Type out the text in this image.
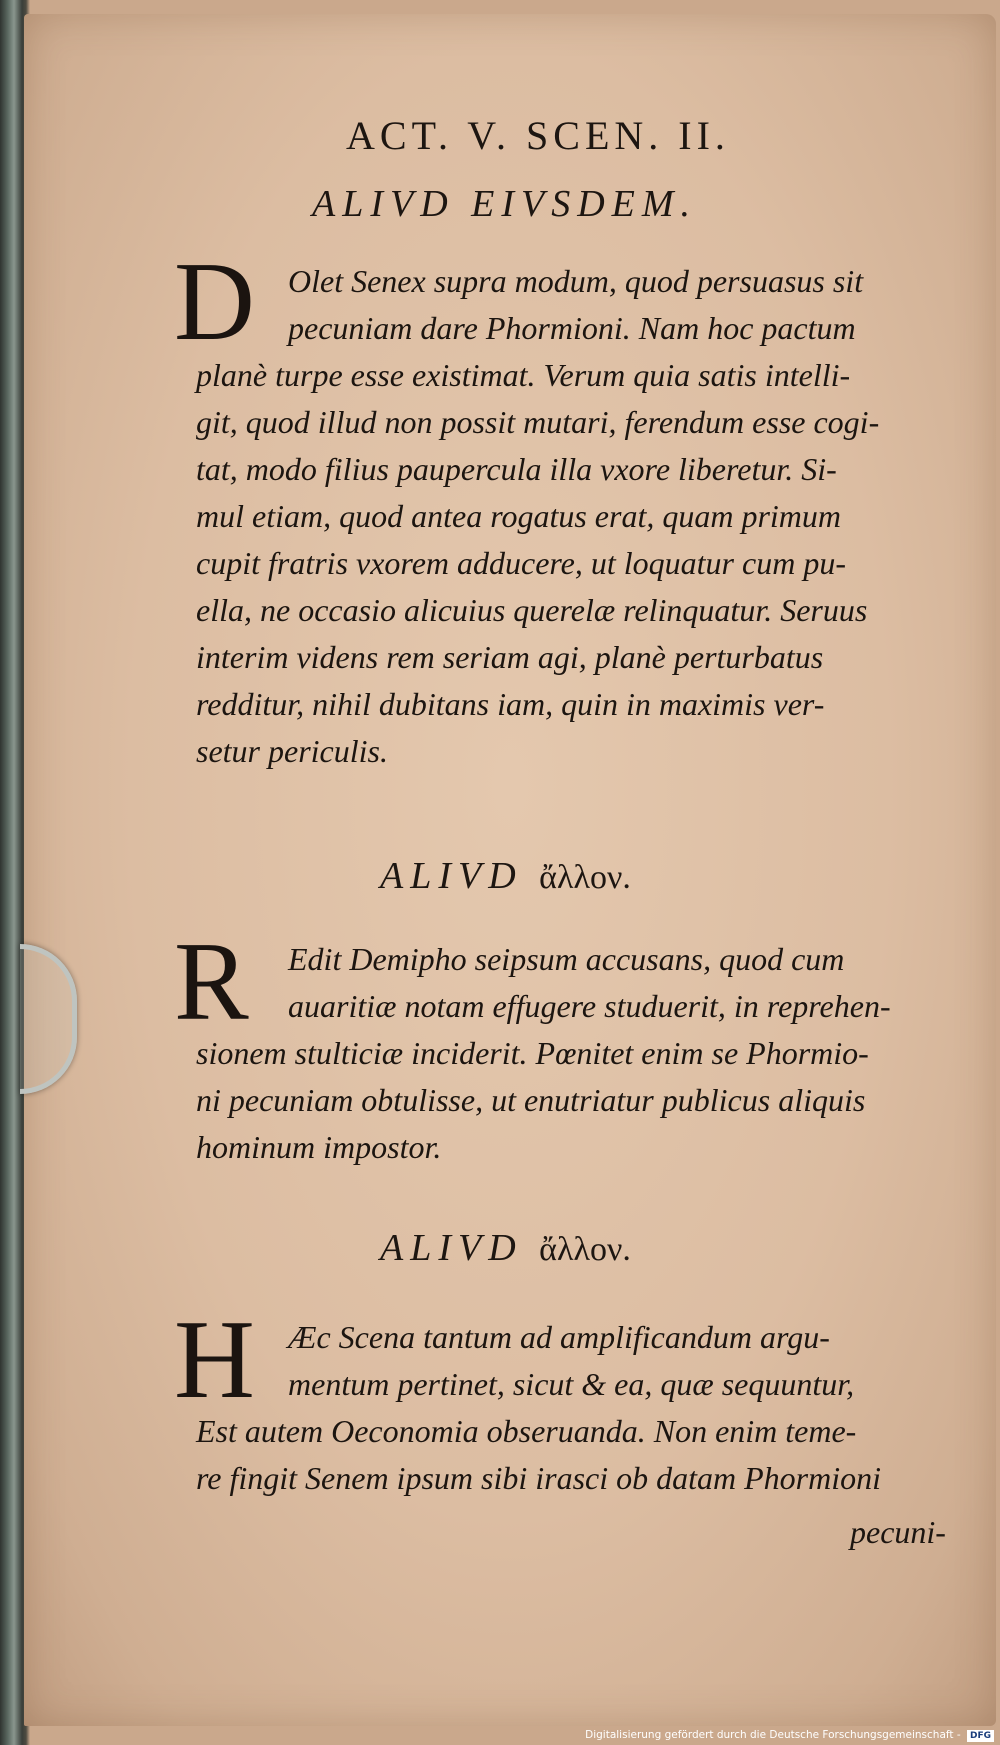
ACT. V. SCEN. II.
ALIVD EIVSDEM.
D	Olet Senex supra modum, quod persuasus sit
pecuniam dare Phormioni. Nam hoc pactum
planè turpe esse existimat. Verum quia satis intelli-
git, quod illud non possit mutari, ferendum esse cogi-
tat, modo filius paupercula illa vxore liberetur. Si-
mul etiam, quod antea rogatus erat, quam primum
cupit fratris vxorem adducere, ut loquatur cum pu-
ella, ne occasio alicuius querelæ relinquatur. Seruus
interim videns rem seriam agi, planè perturbatus
redditur, nihil dubitans iam, quin in maximis ver-
setur periculis.
ALIVD ἄλλον.
R	Edit Demipho seipsum accusans, quod cum
auaritiæ notam effugere studuerit, in reprehen-
sionem stulticiæ inciderit. Pœnitet enim se Phormio-
ni pecuniam obtulisse, ut enutriatur publicus aliquis
hominum impostor.
ALIVD ἄλλον.
H	Æc Scena tantum ad amplificandum argu-
mentum pertinet, sicut & ea, quæ sequuntur,
Est autem Oeconomia obseruanda. Non enim teme-
re fingit Senem ipsum sibi irasci ob datam Phormioni
pecuni-
Digitalisierung gefördert durch die Deutsche Forschungsgemeinschaft - DFG
